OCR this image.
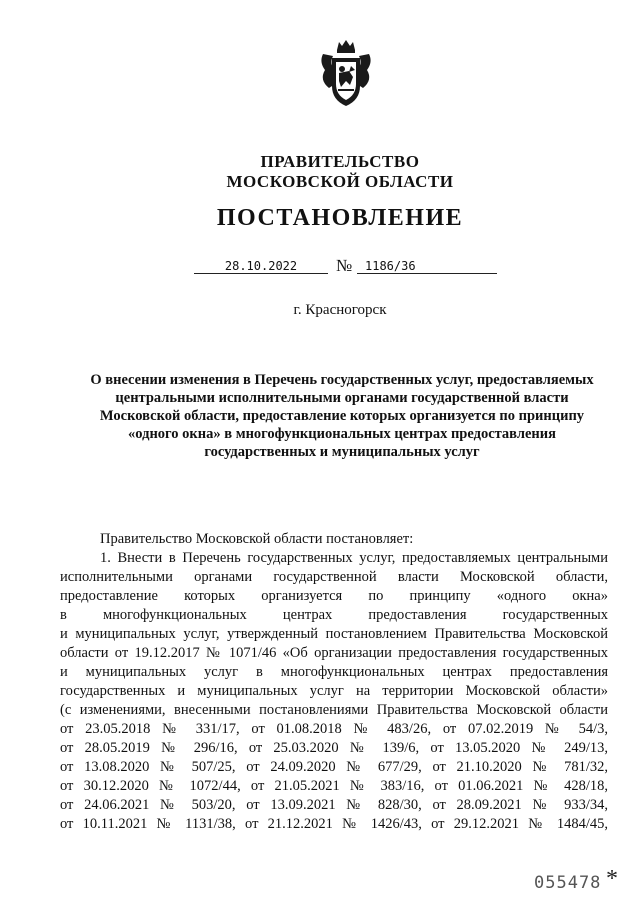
ПРАВИТЕЛЬСТВО
МОСКОВСКОЙ ОБЛАСТИ
ПОСТАНОВЛЕНИЕ
28.10.2022	№	1186/36
г. Красногорск
О внесении изменения в Перечень государственных услуг, предоставляемых
центральными исполнительными органами государственной власти
Московской области, предоставление которых организуется по принципу
«одного окна» в многофункциональных центрах предоставления
государственных и муниципальных услуг

Правительство Московской области постановляет:

1. Внести в Перечень государственных услуг, предоставляемых центральными

исполнительными органами государственной власти Московской области,

предоставление которых организуется по принципу «одного окна»

в многофункциональных центрах предоставления государственных

и муниципальных услуг, утвержденный постановлением Правительства Московской

области от 19.12.2017 № 1071/46 «Об организации предоставления государственных

и муниципальных услуг в многофункциональных центрах предоставления

государственных и муниципальных услуг на территории Московской области»

(с изменениями, внесенными постановлениями Правительства Московской области

от 23.05.2018 № 331/17, от 01.08.2018 № 483/26, от 07.02.2019 № 54/3,

от 28.05.2019 № 296/16, от 25.03.2020 № 139/6, от 13.05.2020 № 249/13,

от 13.08.2020 № 507/25, от 24.09.2020 № 677/29, от 21.10.2020 № 781/32,

от 30.12.2020 № 1072/44, от 21.05.2021 № 383/16, от 01.06.2021 № 428/18,

от 24.06.2021 № 503/20, от 13.09.2021 № 828/30, от 28.09.2021 № 933/34,

от 10.11.2021 № 1131/38, от 21.12.2021 № 1426/43, от 29.12.2021 № 1484/45,

055478 *
